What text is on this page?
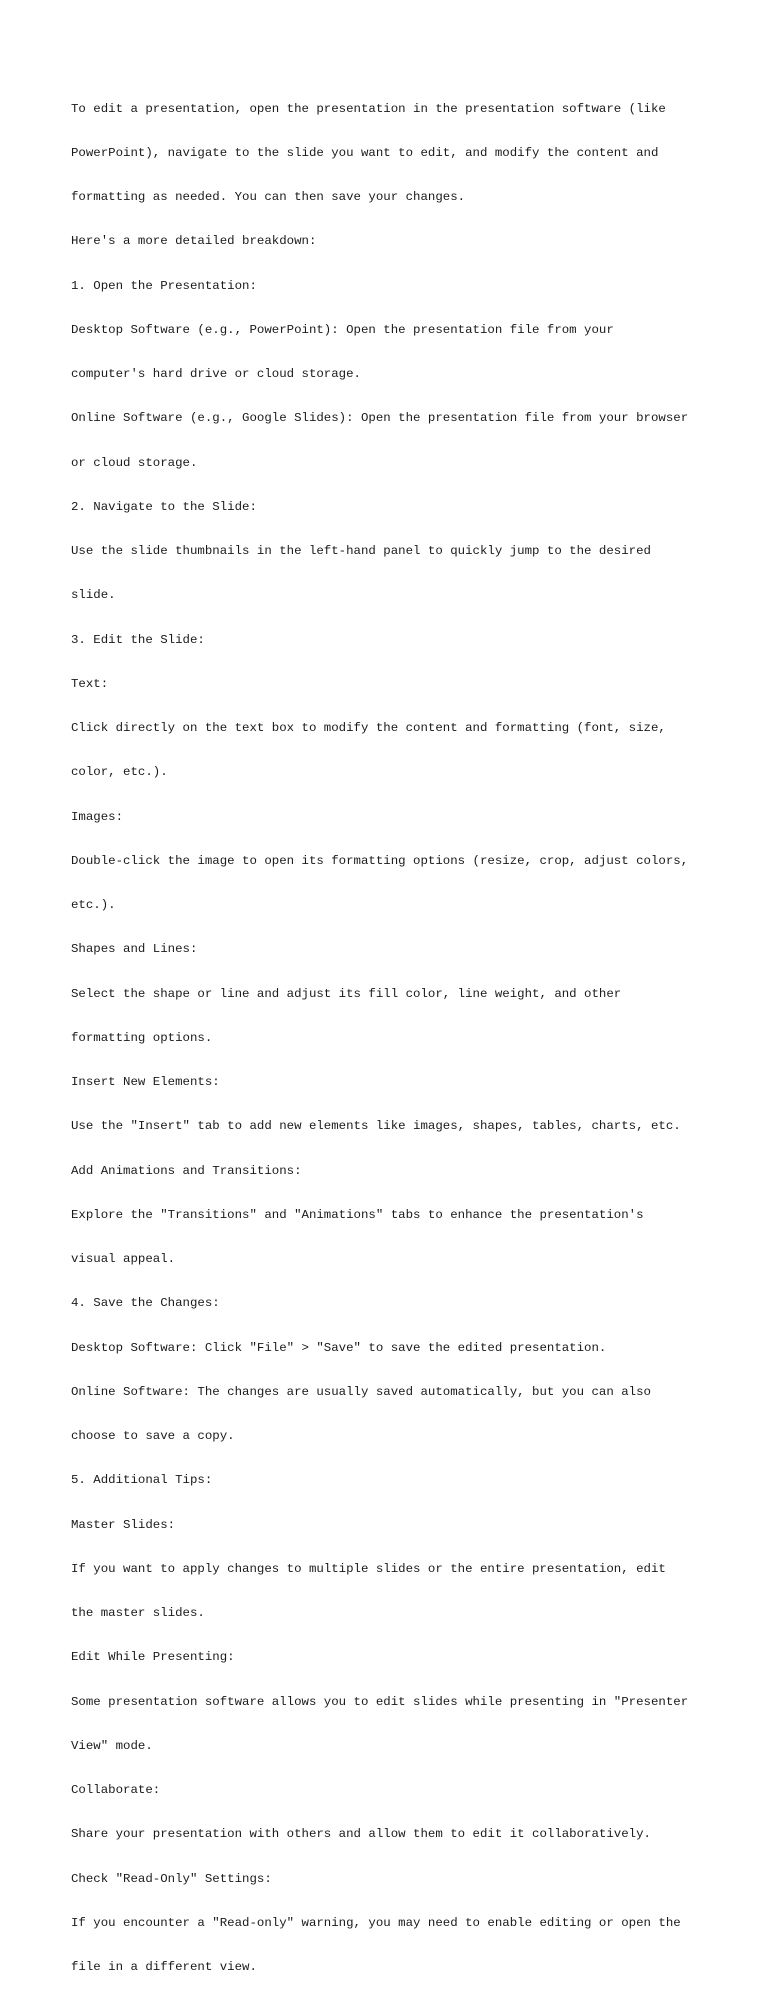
To edit a presentation, open the presentation in the presentation software (like

PowerPoint), navigate to the slide you want to edit, and modify the content and

formatting as needed. You can then save your changes.

Here's a more detailed breakdown:

1. Open the Presentation:

Desktop Software (e.g., PowerPoint): Open the presentation file from your

computer's hard drive or cloud storage.

Online Software (e.g., Google Slides): Open the presentation file from your browser

or cloud storage.

2. Navigate to the Slide:

Use the slide thumbnails in the left-hand panel to quickly jump to the desired

slide.

3. Edit the Slide:

Text:

Click directly on the text box to modify the content and formatting (font, size,

color, etc.).

Images:

Double-click the image to open its formatting options (resize, crop, adjust colors,

etc.).

Shapes and Lines:

Select the shape or line and adjust its fill color, line weight, and other

formatting options.

Insert New Elements:

Use the "Insert" tab to add new elements like images, shapes, tables, charts, etc.

Add Animations and Transitions:

Explore the "Transitions" and "Animations" tabs to enhance the presentation's

visual appeal.

4. Save the Changes:

Desktop Software: Click "File" > "Save" to save the edited presentation.

Online Software: The changes are usually saved automatically, but you can also

choose to save a copy.

5. Additional Tips:

Master Slides:

If you want to apply changes to multiple slides or the entire presentation, edit

the master slides.

Edit While Presenting:

Some presentation software allows you to edit slides while presenting in "Presenter

View" mode.

Collaborate:

Share your presentation with others and allow them to edit it collaboratively.

Check "Read-Only" Settings:

If you encounter a "Read-only" warning, you may need to enable editing or open the

file in a different view.
